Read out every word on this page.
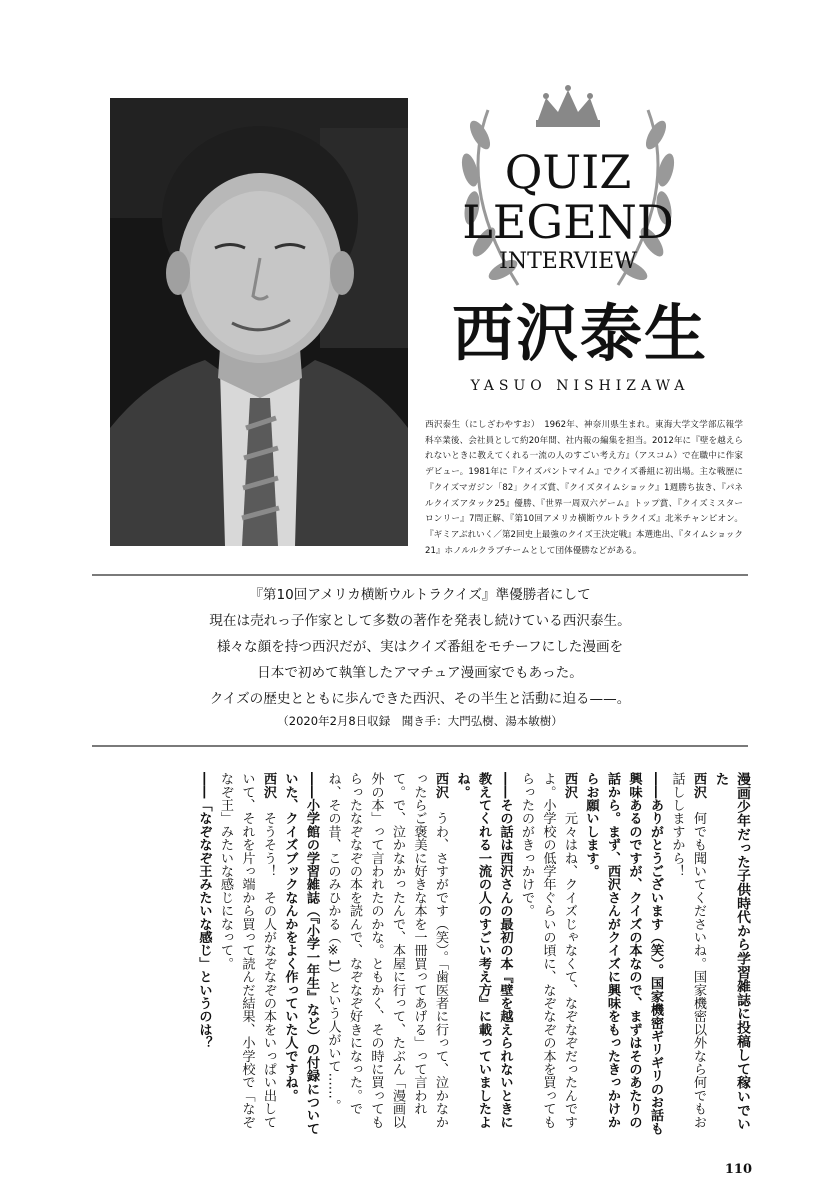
QUIZ
LEGEND
INTERVIEW
西沢泰生

YASUO NISHIZAWA

西沢泰生（にしざわやすお）　1962年、神奈川県生まれ。東海大学文学部広報学科卒業後、会社員として約20年間、社内報の編集を担当。2012年に『壁を越えられないときに教えてくれる一流の人のすごい考え方』（アスコム）で在職中に作家デビュー。1981年に『クイズパントマイム』でクイズ番組に初出場。主な戦歴に『クイズマガジン「82」クイズ賞、『クイズタイムショック』1週勝ち抜き、『パネルクイズアタック25』優勝、『世界一周双六ゲーム』トップ賞、『クイズミスターロンリー』7問正解、『第10回アメリカ横断ウルトラクイズ』北米チャンピオン。『ギミアぶれいく／第2回史上最強のクイズ王決定戦』本選進出、『タイムショック21』ホノルルクラブチームとして団体優勝などがある。

『第10回アメリカ横断ウルトラクイズ』準優勝者にして

現在は売れっ子作家として多数の著作を発表し続けている西沢泰生。

様々な顔を持つ西沢だが、実はクイズ番組をモチーフにした漫画を

日本で初めて執筆したアマチュア漫画家でもあった。

クイズの歴史とともに歩んできた西沢、その半生と活動に迫る——。

（2020年2月8日収録　聞き手：大門弘樹、湯本敏樹）

漫画少年だった子供時代から学習雑誌に投稿して稼いでいた

西沢　何でも聞いてくださいね。国家機密以外なら何でもお話ししますから！

――ありがとうございます（笑）。国家機密ギリギリのお話も興味あるのですが、クイズの本なので、まずはそのあたりの話から。まず、西沢さんがクイズに興味をもったきっかけからお願いします。

西沢　元々はね、クイズじゃなくて、なぞなぞだったんですよ。小学校の低学年ぐらいの頃に、なぞなぞの本を買ってもらったのがきっかけで。

――その話は西沢さんの最初の本『壁を越えられないときに教えてくれる一流の人のすごい考え方』に載っていましたよね。

西沢　うわ、さすがです（笑）。「歯医者に行って、泣かなかったらご褒美に好きな本を一冊買ってあげる」って言われて。で、泣かなかったんで、本屋に行って、たぶん「漫画以外の本」って言われたのかな。ともかく、その時に買ってもらったなぞなぞの本を読んで、なぞなぞ好きになった。でね、その昔、このみひかる（※1）という人がいて……。

――小学館の学習雑誌（『小学一年生』など）の付録についていた、クイズブックなんかをよく作っていた人ですね。

西沢　そうそう！　その人がなぞなぞの本をいっぱい出していて、それを片っ端から買って読んだ結果、小学校で「なぞなぞ王」みたいな感じになって。

――「なぞなぞ王みたいな感じ」というのは？

110
